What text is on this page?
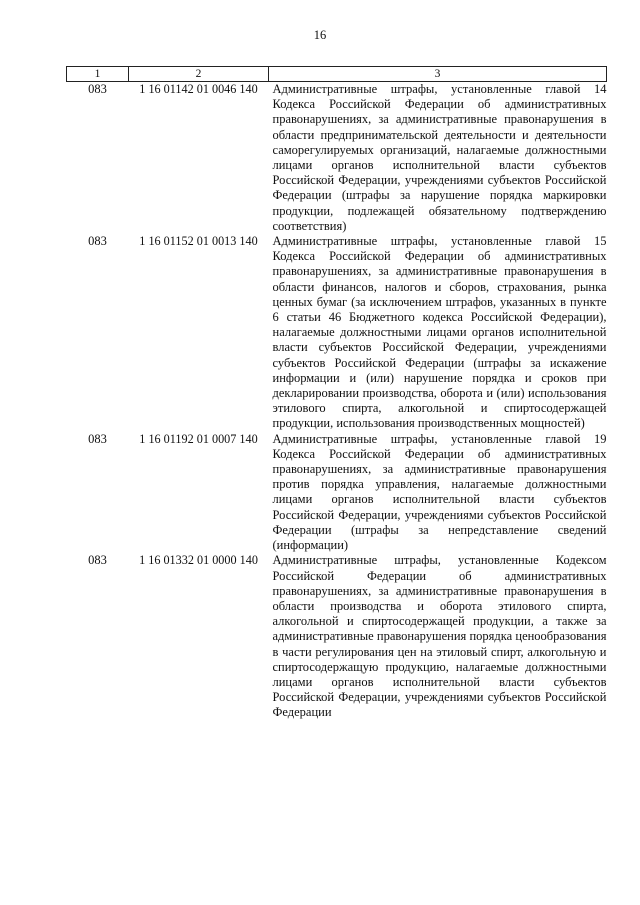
16
1	2	3
083	1 16 01142 01 0046 140	Административные штрафы, установленные главой 14 Кодекса Российской Федерации об административных правонарушениях, за административные правонарушения в области предпринимательской деятельности и деятельности саморегулируемых организаций, налагаемые должностными лицами органов исполнительной власти субъектов Российской Федерации, учреждениями субъектов Российской Федерации (штрафы за нарушение порядка маркировки продукции, подлежащей обязательному подтверждению соответствия)
083	1 16 01152 01 0013 140	Административные штрафы, установленные главой 15 Кодекса Российской Федерации об административных правонарушениях, за административные правонарушения в области финансов, налогов и сборов, страхования, рынка ценных бумаг (за исключением штрафов, указанных в пункте 6 статьи 46 Бюджетного кодекса Российской Федерации), налагаемые должностными лицами органов исполнительной власти субъектов Российской Федерации, учреждениями субъектов Российской Федерации (штрафы за искажение информации и (или) нарушение порядка и сроков при декларировании производства, оборота и (или) использования этилового спирта, алкогольной и спиртосодержащей продукции, использования производственных мощностей)
083	1 16 01192 01 0007 140	Административные штрафы, установленные главой 19 Кодекса Российской Федерации об административных правонарушениях, за административные правонарушения против порядка управления, налагаемые должностными лицами органов исполнительной власти субъектов Российской Федерации, учреждениями субъектов Российской Федерации (штрафы за непредставление сведений (информации)
083	1 16 01332 01 0000 140	Административные штрафы, установленные Кодексом Российской Федерации об административных правонарушениях, за административные правонарушения в области производства и оборота этилового спирта, алкогольной и спиртосодержащей продукции, а также за административные правонарушения порядка ценообразования в части регулирования цен на этиловый спирт, алкогольную и спиртосодержащую продукцию, налагаемые должностными лицами органов исполнительной власти субъектов Российской Федерации, учреждениями субъектов Российской Федерации
